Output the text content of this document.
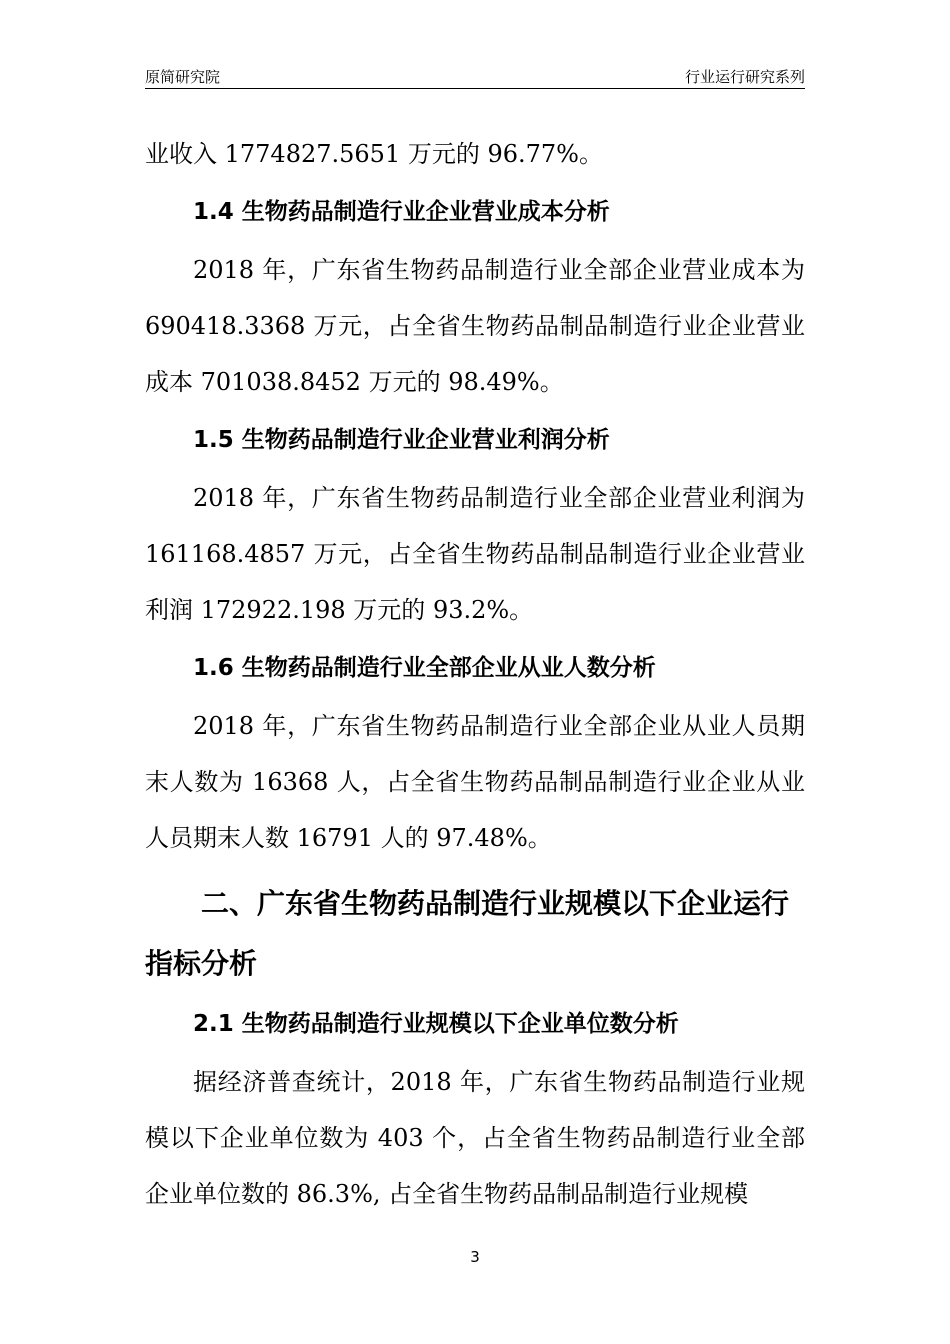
原简研究院	行业运行研究系列

业收入 1774827.5651 万元的 96.77%。

1.4 生物药品制造行业企业营业成本分析

2018 年，广东省生物药品制造行业全部企业营业成本为 690418.3368 万元，占全省生物药品制品制造行业企业营业成本 701038.8452 万元的 98.49%。

1.5 生物药品制造行业企业营业利润分析

2018 年，广东省生物药品制造行业全部企业营业利润为 161168.4857 万元，占全省生物药品制品制造行业企业营业利润 172922.198 万元的 93.2%。

1.6 生物药品制造行业全部企业从业人数分析

2018 年，广东省生物药品制造行业全部企业从业人员期末人数为 16368 人，占全省生物药品制品制造行业企业从业人员期末人数 16791 人的 97.48%。

二、广东省生物药品制造行业规模以下企业运行指标分析
2.1 生物药品制造行业规模以下企业单位数分析

据经济普查统计，2018 年，广东省生物药品制造行业规模以下企业单位数为 403 个，占全省生物药品制造行业全部企业单位数的 86.3%, 占全省生物药品制品制造行业规模

3
